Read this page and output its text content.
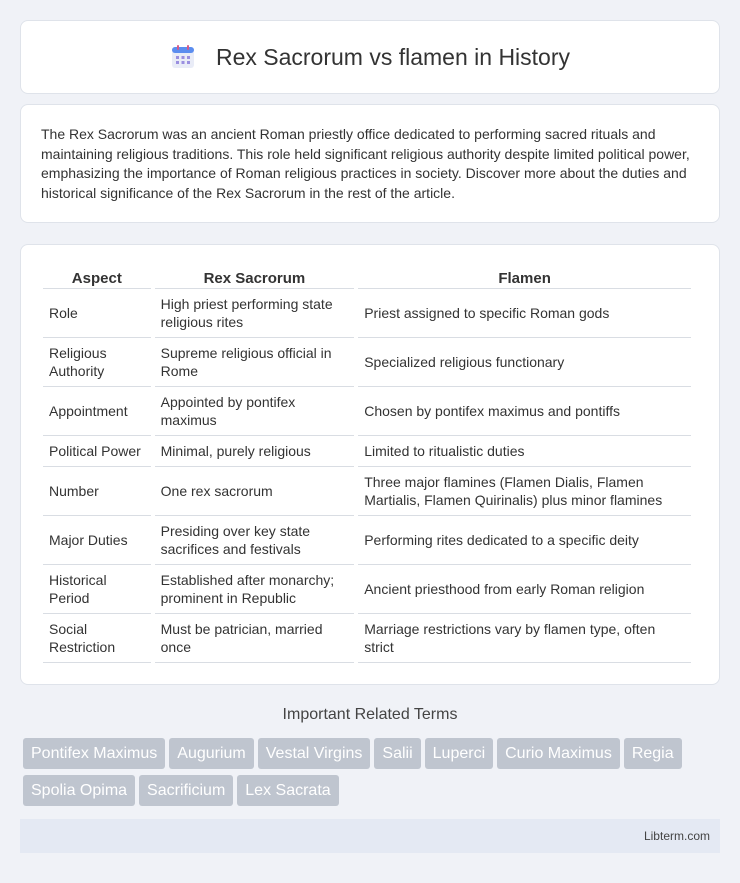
Rex Sacrorum vs flamen in History

The Rex Sacrorum was an ancient Roman priestly office dedicated to performing sacred rituals and maintaining religious traditions. This role held significant religious authority despite limited political power, emphasizing the importance of Roman religious practices in society. Discover more about the duties and historical significance of the Rex Sacrorum in the rest of the article.

Aspect	Rex Sacrorum	Flamen
Role	High priest performing state religious rites	Priest assigned to specific Roman gods
Religious Authority	Supreme religious official in Rome	Specialized religious functionary
Appointment	Appointed by pontifex maximus	Chosen by pontifex maximus and pontiffs
Political Power	Minimal, purely religious	Limited to ritualistic duties
Number	One rex sacrorum	Three major flamines (Flamen Dialis, Flamen Martialis, Flamen Quirinalis) plus minor flamines
Major Duties	Presiding over key state sacrifices and festivals	Performing rites dedicated to a specific deity
Historical Period	Established after monarchy; prominent in Republic	Ancient priesthood from early Roman religion
Social Restriction	Must be patrician, married once	Marriage restrictions vary by flamen type, often strict
Important Related Terms
Pontifex Maximus Augurium Vestal Virgins Salii Luperci Curio Maximus RegiaSpolia Opima Sacrificium Lex Sacrata
Libterm.com
